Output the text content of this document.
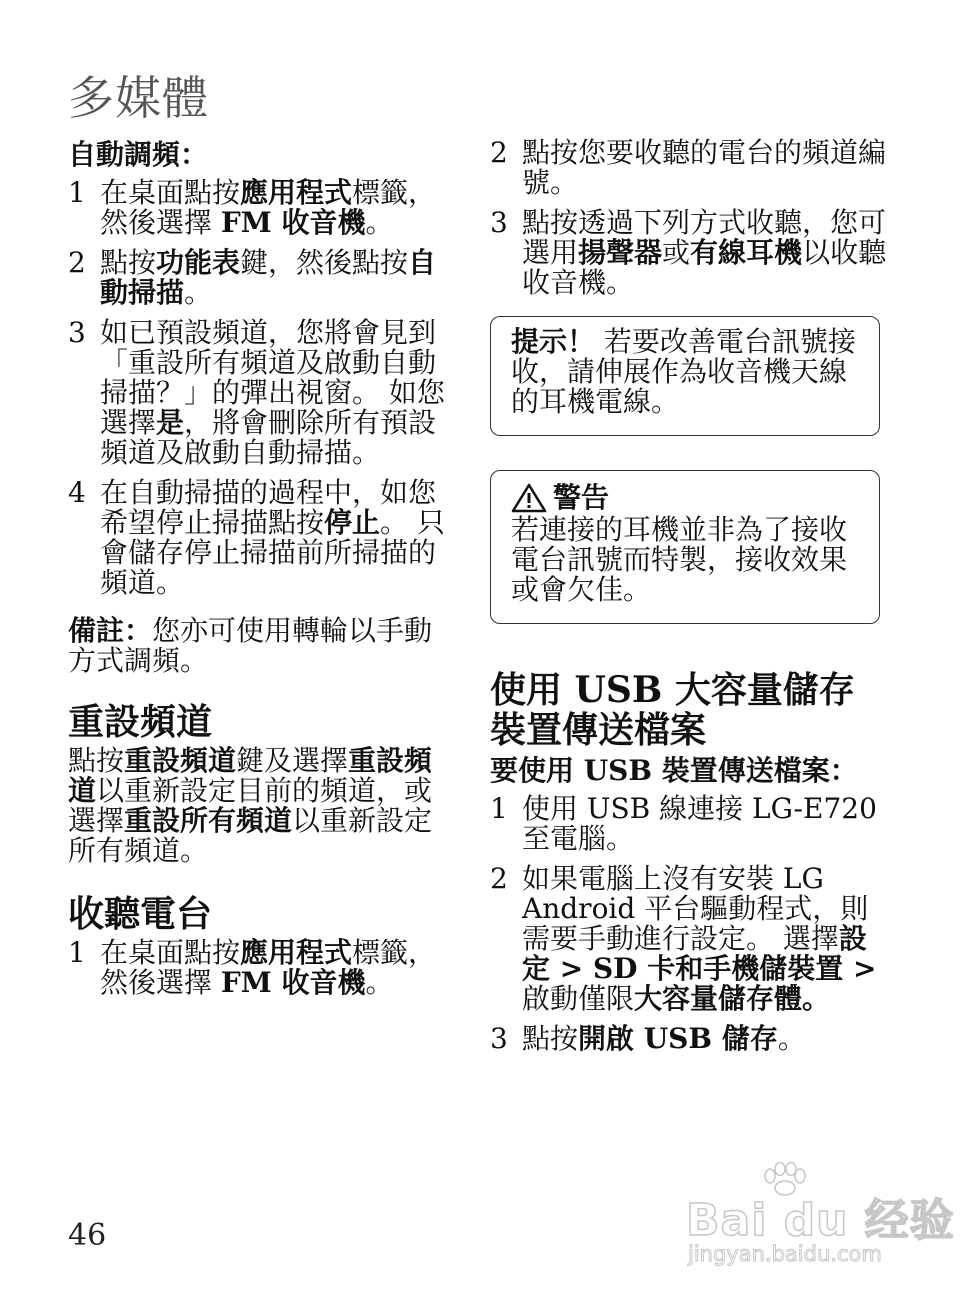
多媒體
自動調頻：
1 在桌面點按應用程式標籤，然後選擇 FM 收音機。
2 點按功能表鍵，然後點按自動掃描。
3 如已預設頻道，您將會見到「重設所有頻道及啟動自動掃描？」的彈出視窗。 如您選擇是，將會刪除所有預設頻道及啟動自動掃描。
4 在自動掃描的過程中，如您希望停止掃描點按停止。 只會儲存停止掃描前所掃描的頻道。

備註：您亦可使用轉輪以手動方式調頻。

重設頻道

點按重設頻道鍵及選擇重設頻道以重新設定目前的頻道，或選擇重設所有頻道以重新設定所有頻道。

收聽電台
1 在桌面點按應用程式標籤，然後選擇 FM 收音機。
2 點按您要收聽的電台的頻道編號。
3 點按透過下列方式收聽，您可選用揚聲器或有線耳機以收聽收音機。
提示！ 若要改善電台訊號接收，請伸展作為收音機天線的耳機電線。
警告
若連接的耳機並非為了接收電台訊號而特製，接收效果或會欠佳。
使用 USB 大容量儲存裝置傳送檔案
要使用 USB 裝置傳送檔案：
1 使用 USB 線連接 LG-E720 至電腦。
2 如果電腦上沒有安裝 LG Android 平台驅動程式，則需要手動進行設定。 選擇設定 > SD 卡和手機儲裝置 > 啟動僅限大容量儲存體。
3 點按開啟 USB 儲存。
46	Bai du 经验
jingyan.baidu.com
